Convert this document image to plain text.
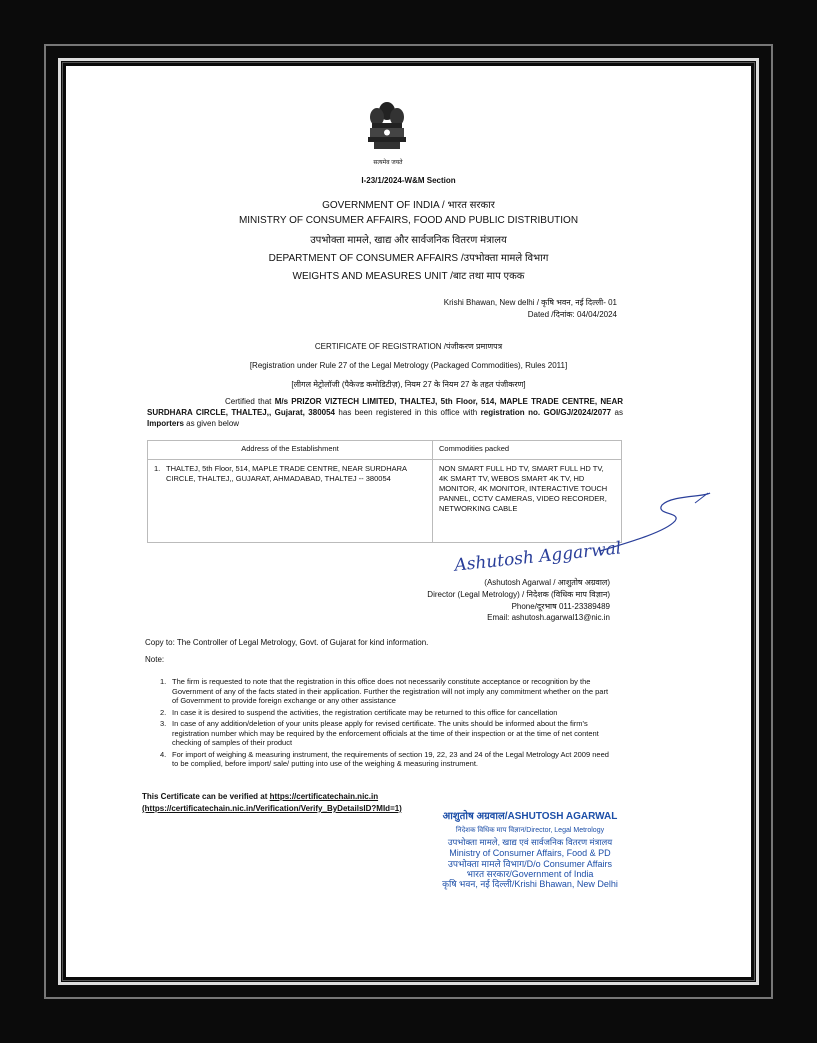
सत्यमेव जयते
I-23/1/2024-W&M Section
GOVERNMENT OF INDIA / भारत सरकार
MINISTRY OF CONSUMER AFFAIRS, FOOD AND PUBLIC DISTRIBUTION
उपभोक्ता मामले, खाद्य और सार्वजनिक वितरण मंत्रालय
DEPARTMENT OF CONSUMER AFFAIRS /उपभोक्ता मामले विभाग
WEIGHTS AND MEASURES UNIT /बाट तथा माप एकक
Krishi Bhawan, New delhi / कृषि भवन, नई दिल्ली- 01
Dated /दिनांक: 04/04/2024
CERTIFICATE OF REGISTRATION /पंजीकरण प्रमाणपत्र
[Registration under Rule 27 of the Legal Metrology (Packaged Commodities), Rules 2011]
[लीगल मेट्रोलॉजी (पैकेज्ड कमोडिटीज़), नियम 27 के नियम 27 के तहत पंजीकरण]
Certified that M/s PRIZOR VIZTECH LIMITED, THALTEJ, 5th Floor, 514, MAPLE TRADE CENTRE, NEAR SURDHARA CIRCLE, THALTEJ,, Gujarat, 380054 has been registered in this office with registration no. GOI/GJ/2024/2077 as Importers as given below
Address of the Establishment	Commodities packed

1. THALTEJ, 5th Floor, 514, MAPLE TRADE CENTRE, NEAR SURDHARA CIRCLE, THALTEJ,, GUJARAT, AHMADABAD, THALTEJ -- 380054	NON SMART FULL HD TV, SMART FULL HD TV, 4K SMART TV, WEBOS SMART 4K TV, HD MONITOR, 4K MONITOR, INTERACTIVE TOUCH PANNEL, CCTV CAMERAS, VIDEO RECORDER, NETWORKING CABLE
Ashutosh Aggarwal
(Ashutosh Agarwal / आशुतोष अग्रवाल)
Director (Legal Metrology) / निदेशक (विधिक माप विज्ञान)
Phone/दूरभाष 011-23389489
Email: ashutosh.agarwal13@nic.in
Copy to: The Controller of Legal Metrology, Govt. of Gujarat for kind information.
Note:
1. The firm is requested to note that the registration in this office does not necessarily constitute acceptance or recognition by the Government of any of the facts stated in their application. Further the registration will not imply any commitment whether on the part of Government to provide foreign exchange or any other assistance
2. In case it is desired to suspend the activities, the registration certificate may be returned to this office for cancellation
3. In case of any addition/deletion of your units please apply for revised certificate. The units should be informed about the firm's registration number which may be required by the enforcement officials at the time of their inspection or at the time of net content checking of samples of their product
4. For import of weighing & measuring instrument, the requirements of section 19, 22, 23 and 24 of the Legal Metrology Act 2009 need to be complied, before import/ sale/ putting into use of the weighing & measuring instrument.
This Certificate can be verified at https://certificatechain.nic.in
(https://certificatechain.nic.in/Verification/Verify_ByDetailsID?MId=1)
आशुतोष अग्रवाल/ASHUTOSH AGARWAL
निदेशक विधिक माप विज्ञान/Director, Legal Metrology
उपभोक्ता मामले, खाद्य एवं सार्वजनिक वितरण मंत्रालय
Ministry of Consumer Affairs, Food & PD
उपभोक्ता मामले विभाग/D/o Consumer Affairs
भारत सरकार/Government of India
कृषि भवन, नई दिल्ली/Krishi Bhawan, New Delhi
